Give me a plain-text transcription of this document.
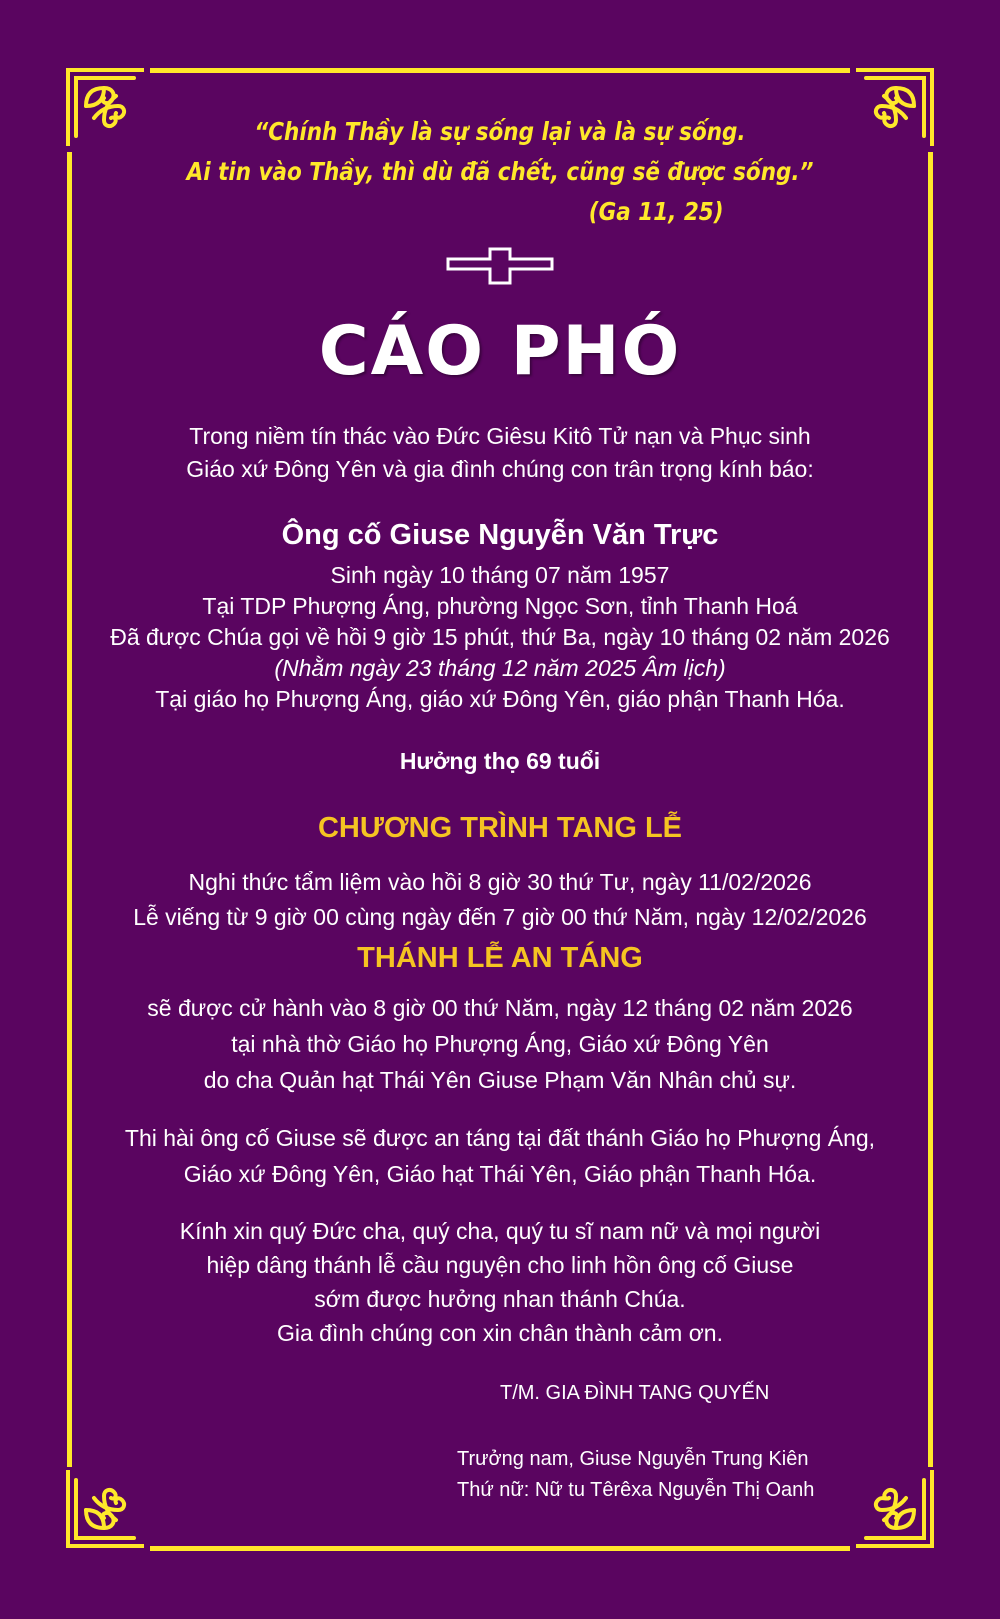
“Chính Thầy là sự sống lại và là sự sống.
Ai tin vào Thầy, thì dù đã chết, cũng sẽ được sống.”
(Ga 11, 25)
CÁO PHÓ
Trong niềm tín thác vào Đức Giêsu Kitô Tử nạn và Phục sinh
Giáo xứ Đông Yên và gia đình chúng con trân trọng kính báo:
Ông cố Giuse Nguyễn Văn Trực
Sinh ngày 10 tháng 07 năm 1957
Tại TDP Phượng Áng, phường Ngọc Sơn, tỉnh Thanh Hoá
Đã được Chúa gọi về hồi 9 giờ 15 phút, thứ Ba, ngày 10 tháng 02 năm 2026
(Nhằm ngày 23 tháng 12 năm 2025 Âm lịch)
Tại giáo họ Phượng Áng, giáo xứ Đông Yên, giáo phận Thanh Hóa.
Hưởng thọ 69 tuổi
CHƯƠNG TRÌNH TANG LỄ
Nghi thức tẩm liệm vào hồi 8 giờ 30 thứ Tư, ngày 11/02/2026
Lễ viếng từ 9 giờ 00 cùng ngày đến 7 giờ 00 thứ Năm, ngày 12/02/2026
THÁNH LỄ AN TÁNG
sẽ được cử hành vào 8 giờ 00 thứ Năm, ngày 12 tháng 02 năm 2026
tại nhà thờ Giáo họ Phượng Áng, Giáo xứ Đông Yên
do cha Quản hạt Thái Yên Giuse Phạm Văn Nhân chủ sự.
Thi hài ông cố Giuse sẽ được an táng tại đất thánh Giáo họ Phượng Áng,
Giáo xứ Đông Yên, Giáo hạt Thái Yên, Giáo phận Thanh Hóa.
Kính xin quý Đức cha, quý cha, quý tu sĩ nam nữ và mọi người
hiệp dâng thánh lễ cầu nguyện cho linh hồn ông cố Giuse
sớm được hưởng nhan thánh Chúa.
Gia đình chúng con xin chân thành cảm ơn.
T/M. GIA ĐÌNH TANG QUYẾN
Trưởng nam, Giuse Nguyễn Trung Kiên
Thứ nữ: Nữ tu Têrêxa Nguyễn Thị Oanh
